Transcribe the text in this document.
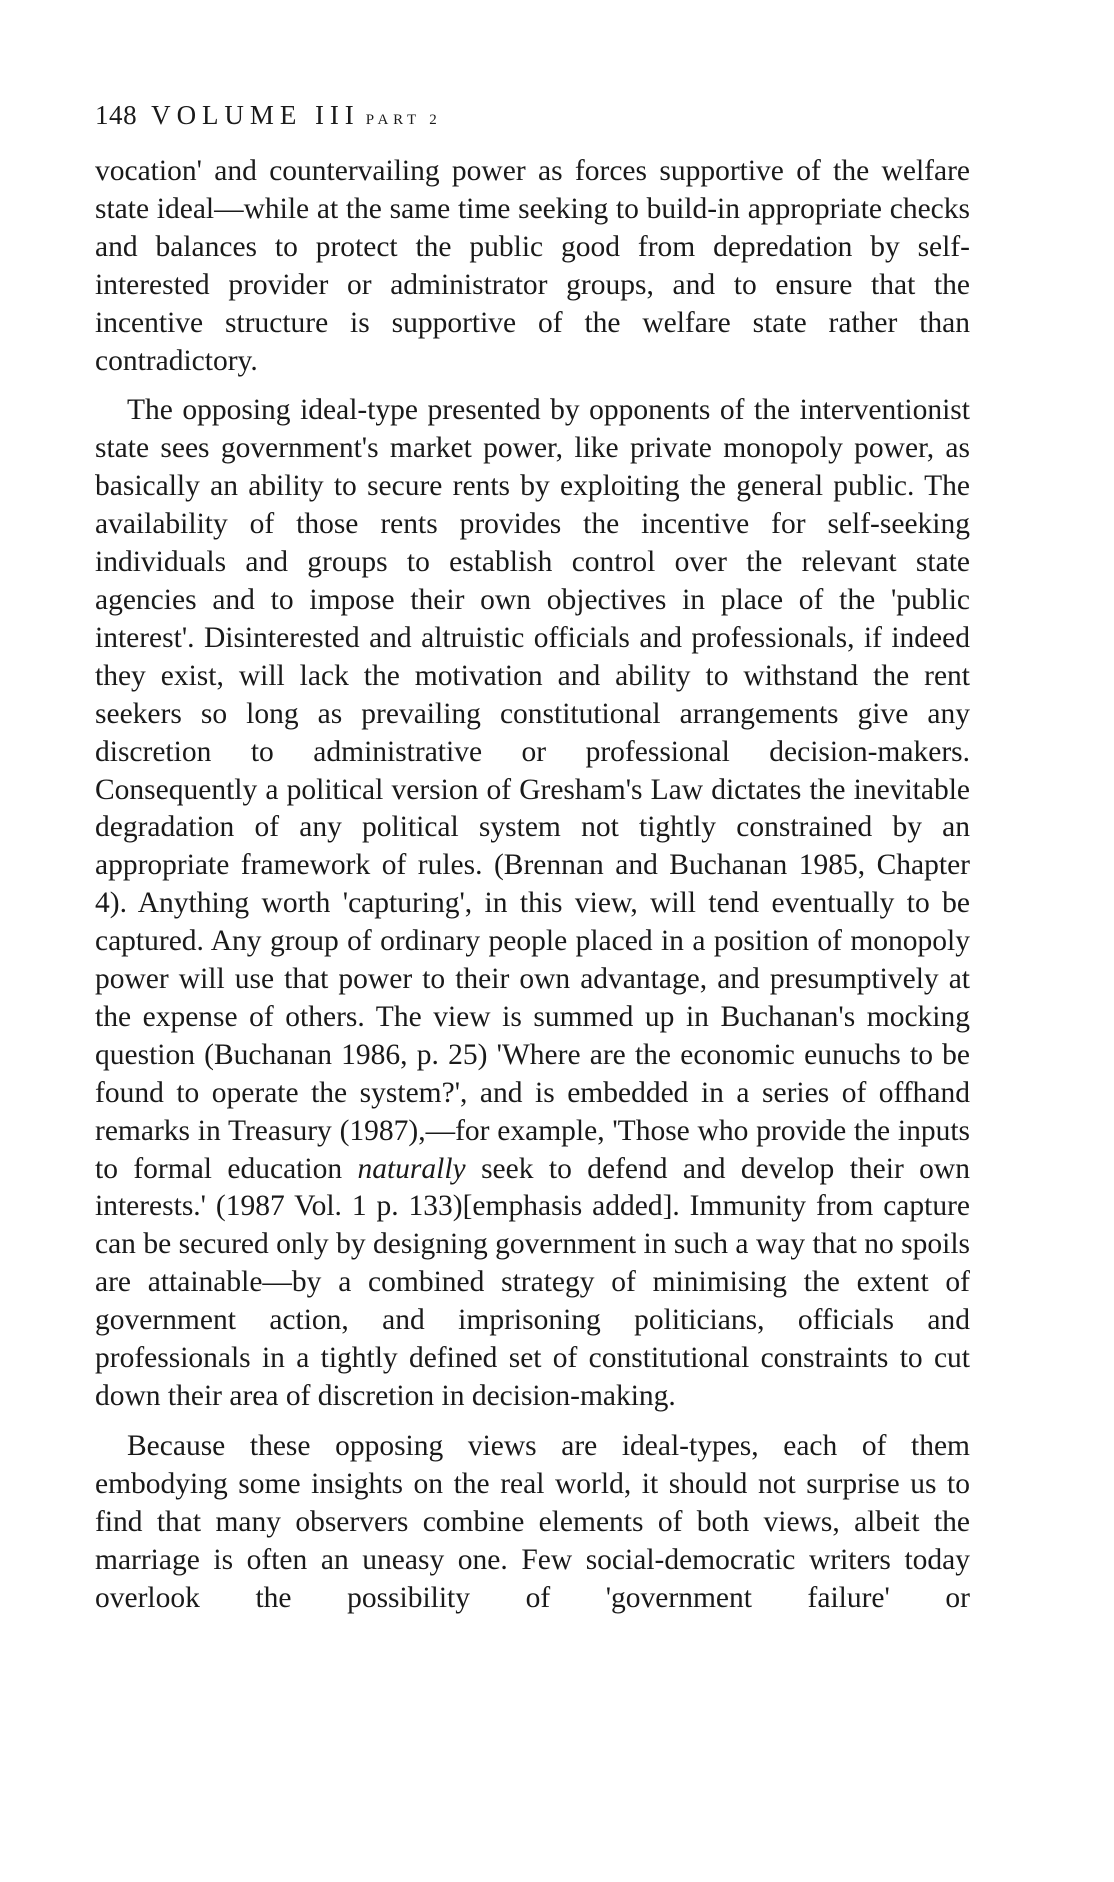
148 VOLUME III PART 2

vocation' and countervailing power as forces supportive of the welfare state ideal—while at the same time seeking to build-in appropriate checks and balances to protect the public good from depredation by self-interested provider or administrator groups, and to ensure that the incentive structure is supportive of the welfare state rather than contradictory.

The opposing ideal-type presented by opponents of the interventionist state sees government's market power, like private monopoly power, as basically an ability to secure rents by exploiting the general public. The availability of those rents provides the incentive for self-seeking individuals and groups to establish control over the relevant state agencies and to impose their own objectives in place of the 'public interest'. Disinterested and altruistic officials and professionals, if indeed they exist, will lack the motivation and ability to withstand the rent seekers so long as prevailing constitutional arrangements give any discretion to administrative or professional decision-makers. Consequently a political version of Gresham's Law dictates the inevitable degradation of any political system not tightly constrained by an appropriate framework of rules. (Brennan and Buchanan 1985, Chapter 4). Anything worth 'capturing', in this view, will tend eventually to be captured. Any group of ordinary people placed in a position of monopoly power will use that power to their own advantage, and presumptively at the expense of others. The view is summed up in Buchanan's mocking question (Buchanan 1986, p. 25) 'Where are the economic eunuchs to be found to operate the system?', and is embedded in a series of offhand remarks in Treasury (1987),—for example, 'Those who provide the inputs to formal education naturally seek to defend and develop their own interests.' (1987 Vol. 1 p. 133)[emphasis added]. Immunity from capture can be secured only by designing government in such a way that no spoils are attainable—by a combined strategy of minimising the extent of government action, and imprisoning politicians, officials and professionals in a tightly defined set of constitutional constraints to cut down their area of discretion in decision-making.

Because these opposing views are ideal-types, each of them embodying some insights on the real world, it should not surprise us to find that many observers combine elements of both views, albeit the marriage is often an uneasy one. Few social-democratic writers today overlook the possibility of 'government failure' or
